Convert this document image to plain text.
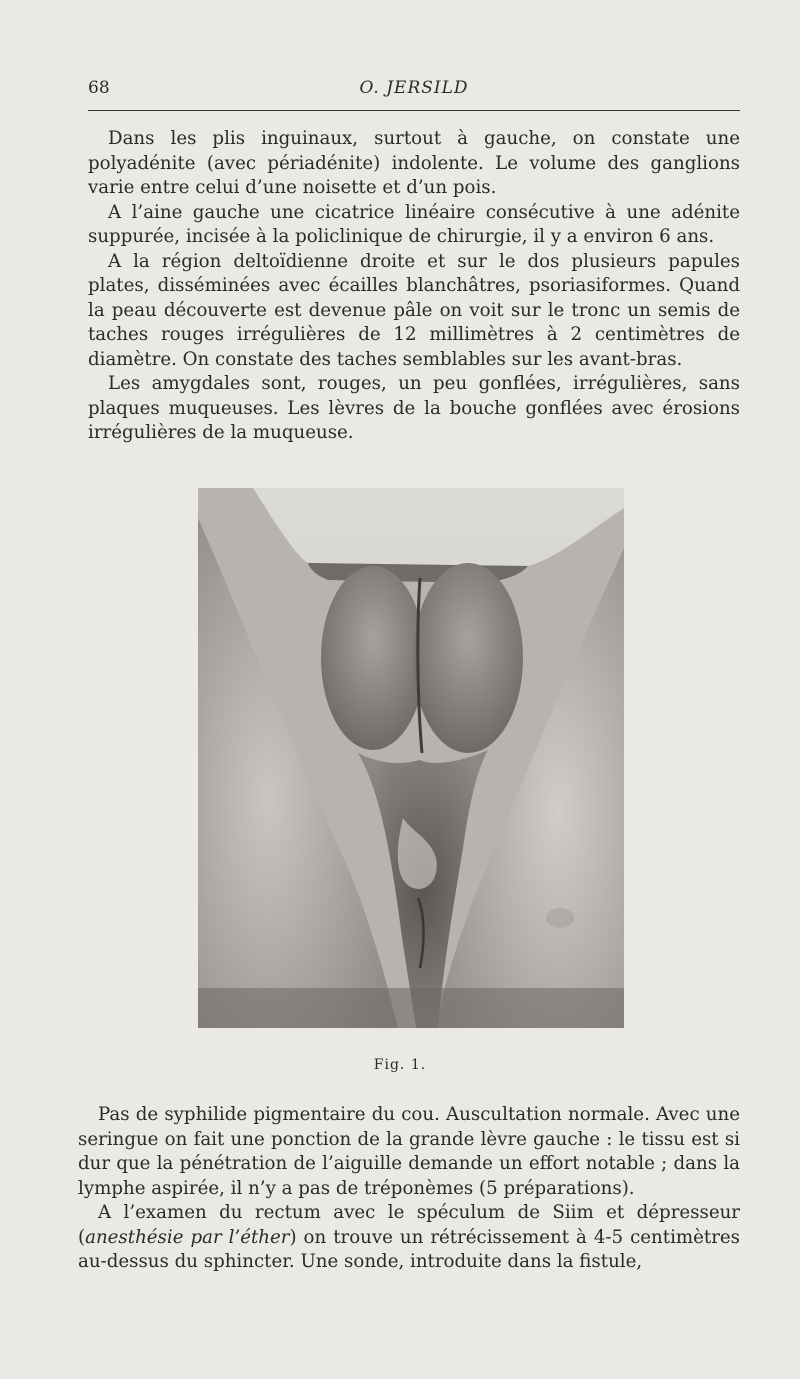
68	O. JERSILD

Dans les plis inguinaux, surtout à gauche, on constate une polyadénite (avec périadénite) indolente. Le volume des ganglions varie entre celui d’une noisette et d’un pois.

A l’aine gauche une cicatrice linéaire consécutive à une adénite suppurée, incisée à la policlinique de chirurgie, il y a environ 6 ans.

A la région deltoïdienne droite et sur le dos plusieurs papules plates, disséminées avec écailles blanchâtres, psoriasiformes. Quand la peau découverte est devenue pâle on voit sur le tronc un semis de taches rouges irrégulières de 12 millimètres à 2 centimètres de diamètre. On constate des taches semblables sur les avant-bras.

Les amygdales sont, rouges, un peu gonflées, irrégulières, sans plaques muqueuses. Les lèvres de la bouche gonflées avec érosions irrégulières de la muqueuse.

Fig. 1.

Pas de syphilide pigmentaire du cou. Auscultation normale. Avec une seringue on fait une ponction de la grande lèvre gauche : le tissu est si dur que la pénétration de l’aiguille demande un effort notable ; dans la lymphe aspirée, il n’y a pas de tréponèmes (5 préparations).

A l’examen du rectum avec le spéculum de Siim et dépresseur (anesthésie par l’éther) on trouve un rétrécissement à 4-5 centimètres au-dessus du sphincter. Une sonde, introduite dans la fistule,
